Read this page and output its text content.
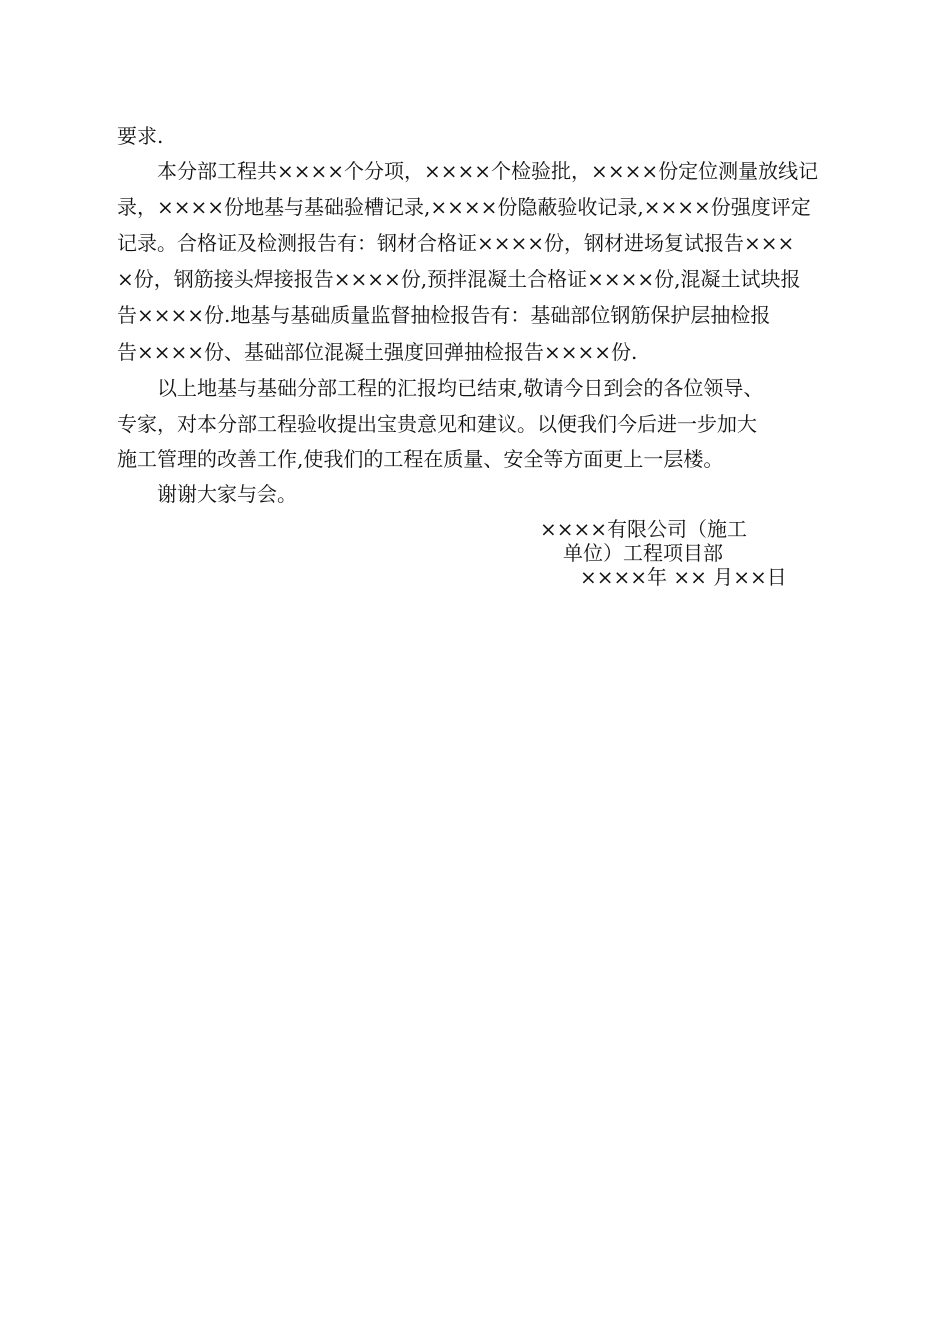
要求.
　　本分部工程共××××个分项，××××个检验批，××××份定位测量放线记
录，××××份地基与基础验槽记录,××××份隐蔽验收记录,××××份强度评定
记录。合格证及检测报告有：钢材合格证××××份，钢材进场复试报告×××
×份，钢筋接头焊接报告××××份,预拌混凝土合格证××××份,混凝土试块报
告××××份.地基与基础质量监督抽检报告有：基础部位钢筋保护层抽检报
告××××份、基础部位混凝土强度回弹抽检报告××××份.
　　以上地基与基础分部工程的汇报均已结束,敬请今日到会的各位领导、
专家，对本分部工程验收提出宝贵意见和建议。以便我们今后进一步加大
施工管理的改善工作,使我们的工程在质量、安全等方面更上一层楼。
　　谢谢大家与会。
××××有限公司（施工
单位）工程项目部
××××年 ×× 月××日
